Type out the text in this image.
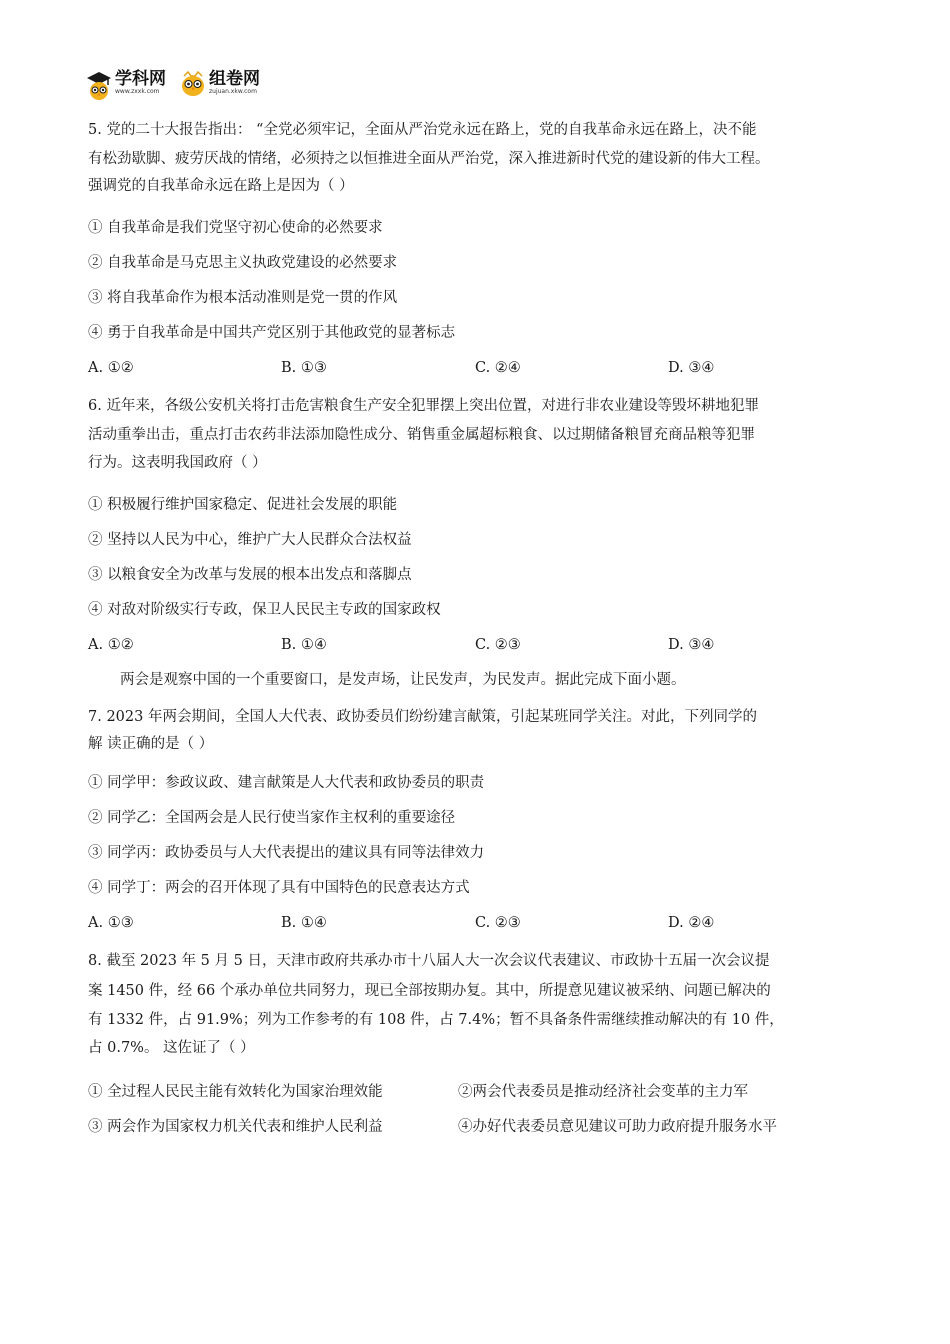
学科网
www.zxxk.com
组卷网
zujuan.xkw.com
5. 党的二十大报告指出： “全党必须牢记，全面从严治党永远在路上，党的自我革命永远在路上，决不能
有松劲歇脚、疲劳厌战的情绪，必须持之以恒推进全面从严治党，深入推进新时代党的建设新的伟大工程。
强调党的自我革命永远在路上是因为（ ）
① 自我革命是我们党坚守初心使命的必然要求
② 自我革命是马克思主义执政党建设的必然要求
③ 将自我革命作为根本活动准则是党一贯的作风
④ 勇于自我革命是中国共产党区别于其他政党的显著标志
A. ①②	B. ①③	C. ②④	D. ③④
6. 近年来，各级公安机关将打击危害粮食生产安全犯罪摆上突出位置，对进行非农业建设等毁坏耕地犯罪
活动重拳出击，重点打击农药非法添加隐性成分、销售重金属超标粮食、以过期储备粮冒充商品粮等犯罪
行为。这表明我国政府（ ）
① 积极履行维护国家稳定、促进社会发展的职能
② 坚持以人民为中心，维护广大人民群众合法权益
③ 以粮食安全为改革与发展的根本出发点和落脚点
④ 对敌对阶级实行专政，保卫人民民主专政的国家政权
A. ①②	B. ①④	C. ②③	D. ③④
两会是观察中国的一个重要窗口，是发声场，让民发声，为民发声。据此完成下面小题。
7. 2023 年两会期间，全国人大代表、政协委员们纷纷建言献策，引起某班同学关注。对此，下列同学的
解 读正确的是（ ）
① 同学甲：参政议政、建言献策是人大代表和政协委员的职责
② 同学乙：全国两会是人民行使当家作主权利的重要途径
③ 同学丙：政协委员与人大代表提出的建议具有同等法律效力
④ 同学丁：两会的召开体现了具有中国特色的民意表达方式
A. ①③	B. ①④	C. ②③	D. ②④
8. 截至 2023 年 5 月 5 日，天津市政府共承办市十八届人大一次会议代表建议、市政协十五届一次会议提
案 1450 件，经 66 个承办单位共同努力，现已全部按期办复。其中，所提意见建议被采纳、问题已解决的
有 1332 件，占 91.9%；列为工作参考的有 108 件，占 7.4%；暂不具备条件需继续推动解决的有 10 件，
占 0.7%。 这佐证了（ ）
① 全过程人民民主能有效转化为国家治理效能	②两会代表委员是推动经济社会变革的主力军
③ 两会作为国家权力机关代表和维护人民利益	④办好代表委员意见建议可助力政府提升服务水平
